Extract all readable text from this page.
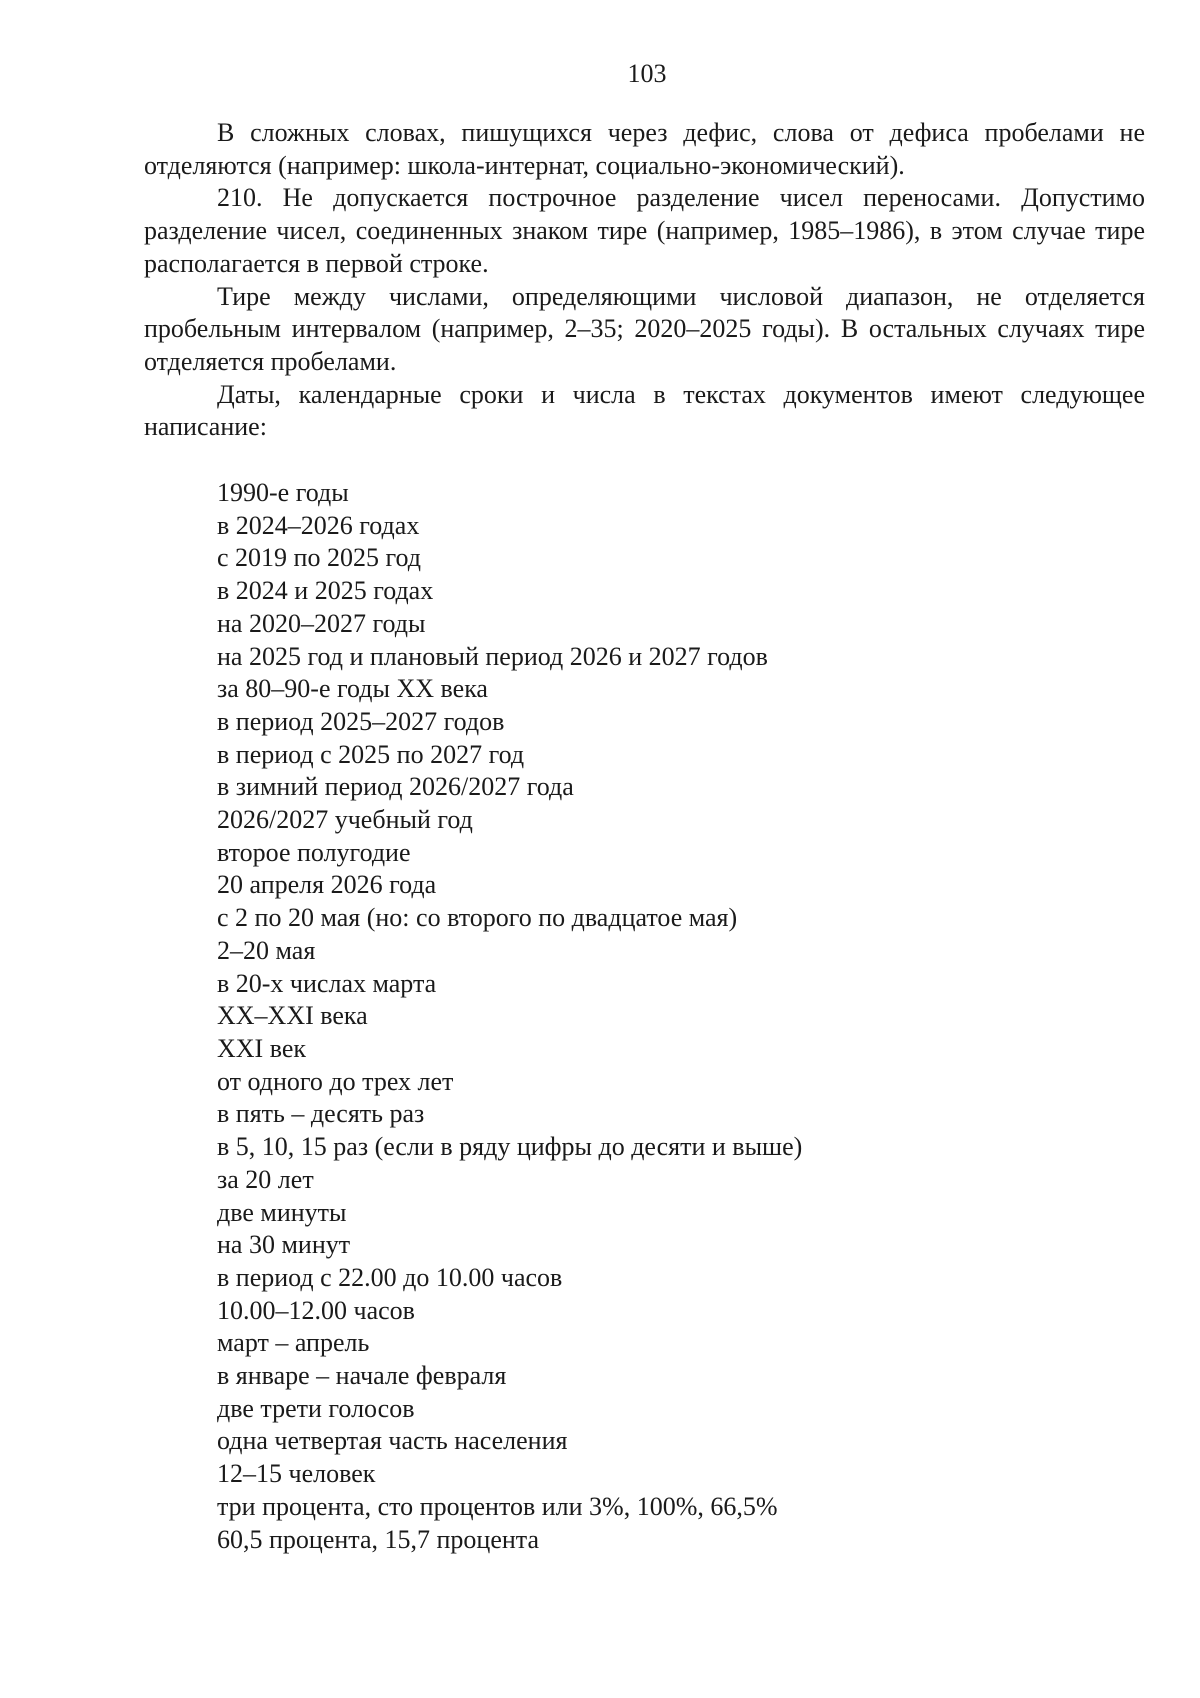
103

В сложных словах, пишущихся через дефис, слова от дефиса пробелами не отделяются (например: школа-интернат, социально-экономический).

210. Не допускается построчное разделение чисел переносами. Допустимо разделение чисел, соединенных знаком тире (например, 1985–1986), в этом случае тире располагается в первой строке.

Тире между числами, определяющими числовой диапазон, не отделяется пробельным интервалом (например, 2–35; 2020–2025 годы). В остальных случаях тире отделяется пробелами.

Даты, календарные сроки и числа в текстах документов имеют следующее написание:

1990-е годы
в 2024–2026 годах
с 2019 по 2025 год
в 2024 и 2025 годах
на 2020–2027 годы
на 2025 год и плановый период 2026 и 2027 годов
за 80–90-е годы XX века
в период 2025–2027 годов
в период с 2025 по 2027 год
в зимний период 2026/2027 года
2026/2027 учебный год
второе полугодие
20 апреля 2026 года
с 2 по 20 мая (но: со второго по двадцатое мая)
2–20 мая
в 20-х числах марта
XX–XXI века
XXI век
от одного до трех лет
в пять – десять раз
в 5, 10, 15 раз (если в ряду цифры до десяти и выше)
за 20 лет
две минуты
на 30 минут
в период с 22.00 до 10.00 часов
10.00–12.00 часов
март – апрель
в январе – начале февраля
две трети голосов
одна четвертая часть населения
12–15 человек
три процента, сто процентов или 3%, 100%, 66,5%
60,5 процента, 15,7 процента
